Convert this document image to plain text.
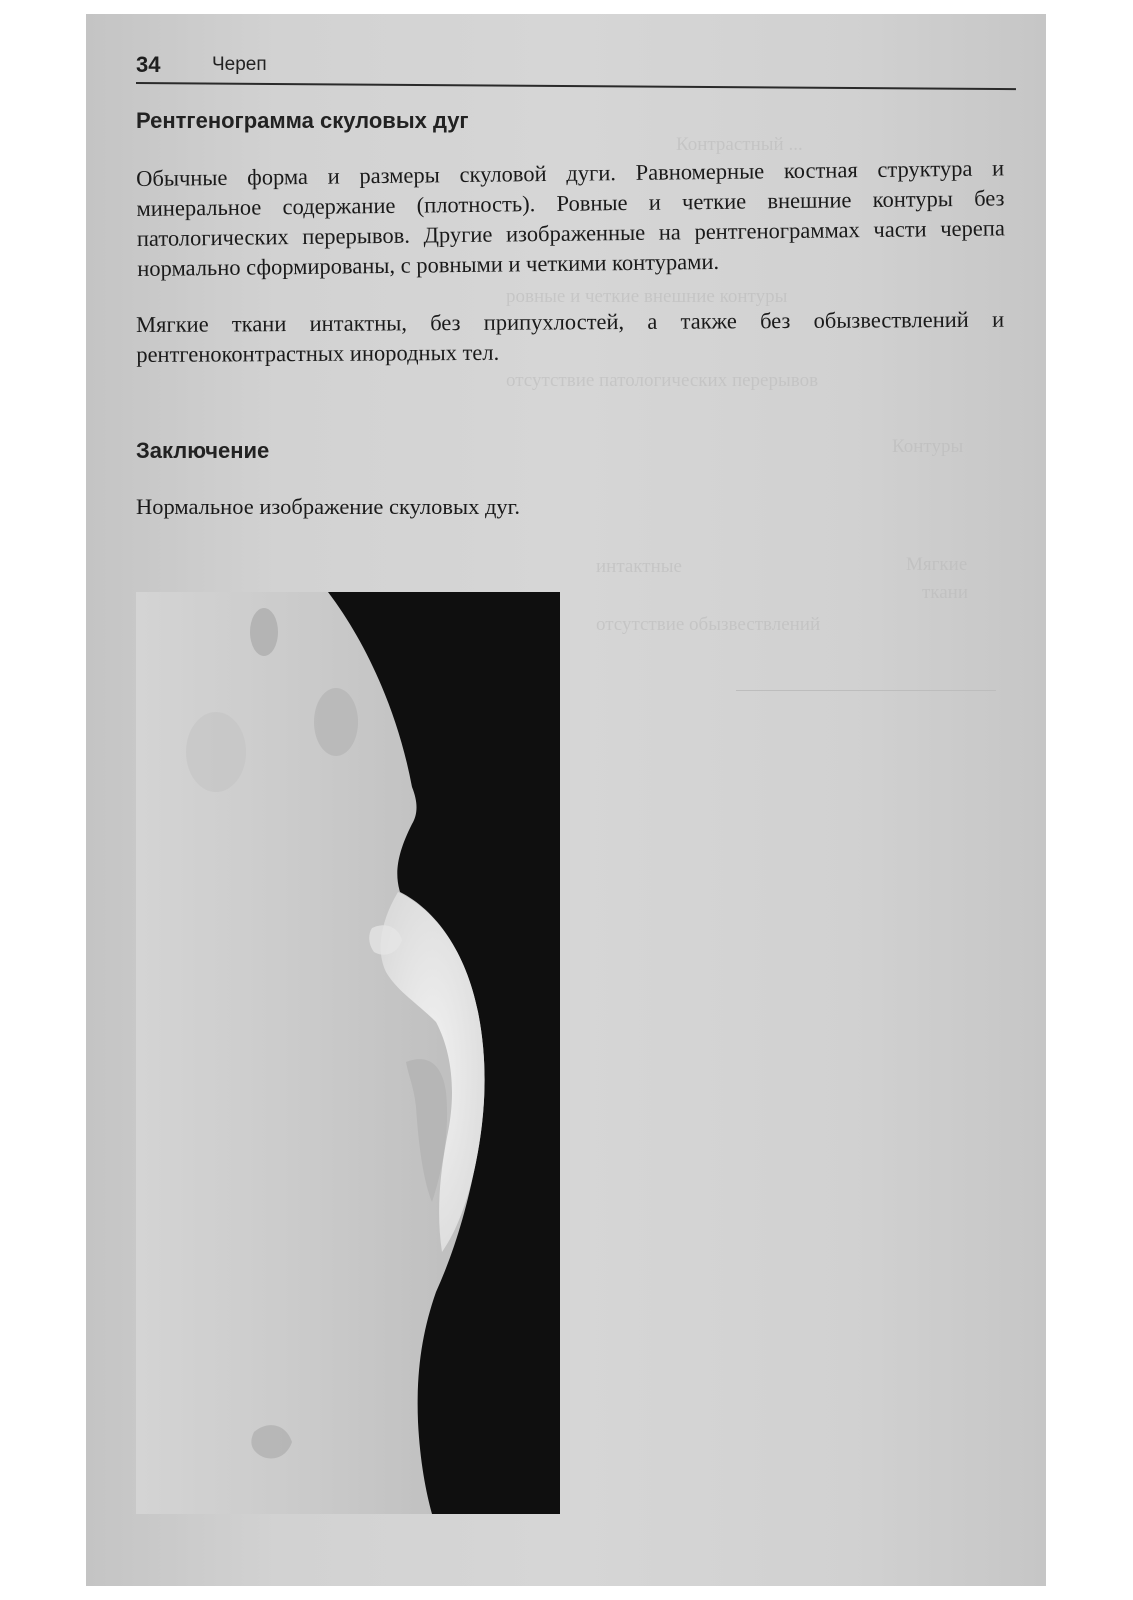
Контрастный ...
ровные и четкие внешние контуры
отсутствие патологических перерывов
Контуры
Мягкие
ткани
интактные
отсутствие обызвествлений
34	Череп
Рентгенограмма скуловых дуг

Обычные форма и размеры скуловой дуги. Равномерные костная структура и минеральное содержание (плотность). Ровные и четкие внешние контуры без патологических перерывов. Другие изображенные на рентгенограммах части черепа нормально сформированы, с ровными и четкими контурами.

Мягкие ткани интактны, без припухлостей, а также без обызвествлений и рентгеноконтрастных инородных тел.

Заключение

Нормальное изображение скуловых дуг.
